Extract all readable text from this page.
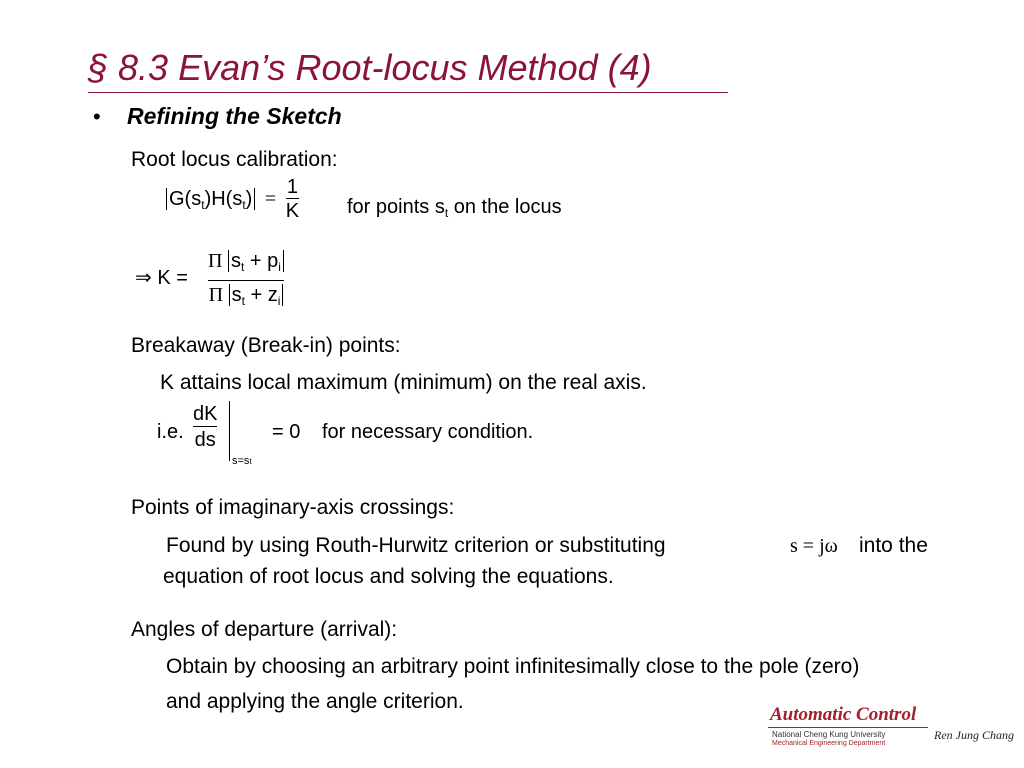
§ 8.3 Evan’s Root-locus Method (4)
• Refining the Sketch
Root locus calibration:
$G(s_t)H(s_t) = \frac{1}{K}$ for points $s_t$ on the locus
⇒ $K = \frac{\Pi s_t + p_i}{\Pi s_t + z_i}$
Breakaway (Break-in) points:
K attains local maximum (minimum) on the real axis.
i.e. $\frac{dK}{ds}$
s=st
= 0 for necessary condition.
Points of imaginary-axis crossings:
Found by using Routh-Hurwitz criterion or substituting	s = jω into the
equation of root locus and solving the equations.
Angles of departure (arrival):
Obtain by choosing an arbitrary point infinitesimally close to the pole (zero)
and applying the angle criterion.
Automatic Control
National Cheng Kung University
Mechanical Engineering Department
Ren Jung Chang
